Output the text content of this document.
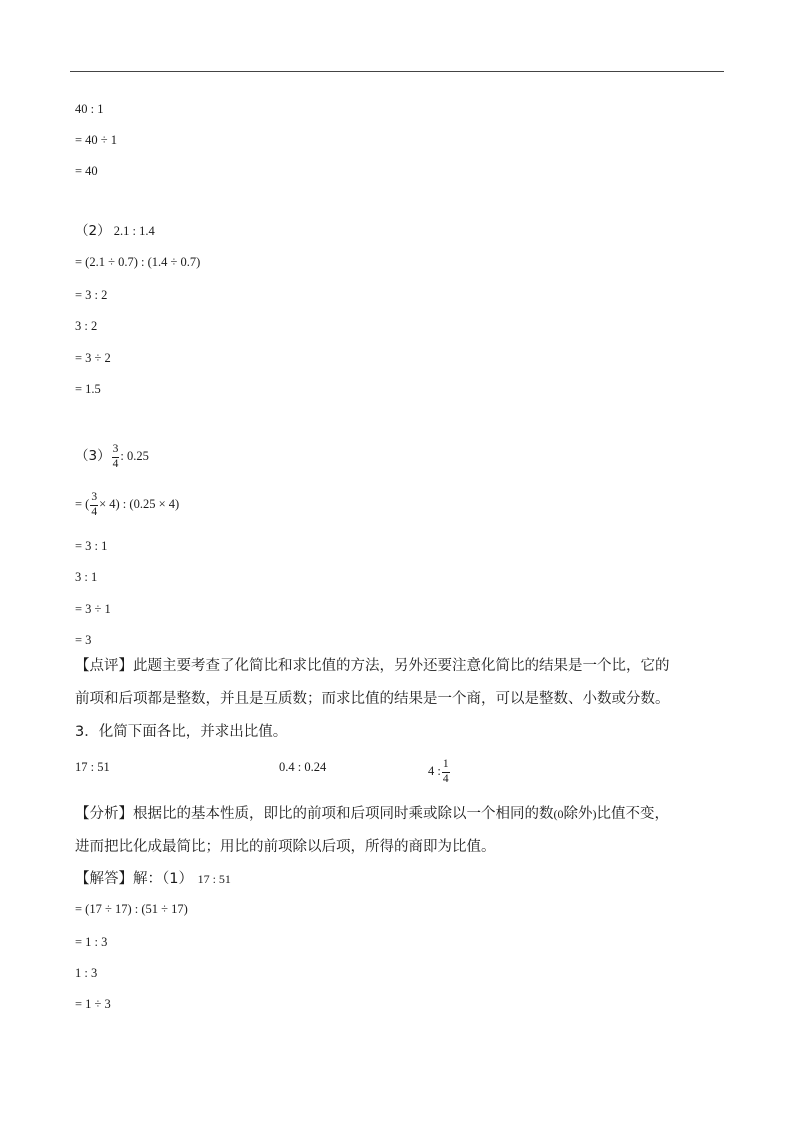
40 : 1
= 40 ÷ 1
= 40
（2） 2.1 : 1.4
= (2.1 ÷ 0.7) : (1.4 ÷ 0.7)
= 3 : 2
3 : 2
= 3 ÷ 2
= 1.5
$(3) \frac{3}{4}$ : 0.25
= ( $\frac{3}{4} \times 4$) : (0.25 × 4)
= 3 : 1
3 : 1
= 3 ÷ 1
= 3
【点评】此题主要考查了化简比和求比值的方法，另外还要注意化简比的结果是一个比，它的
前项和后项都是整数，并且是互质数；而求比值的结果是一个商，可以是整数、小数或分数。
3．化简下面各比，并求出比值。
17 : 51	0.4 : 0.24	4 : $\frac{1}{4}$
【分析】根据比的基本性质，即比的前项和后项同时乘或除以一个相同的数(0除外)比值不变，
进而把比化成最简比；用比的前项除以后项，所得的商即为比值。
【解答】解：（1） 17 : 51
= (17 ÷ 17) : (51 ÷ 17)
= 1 : 3
1 : 3
= 1 ÷ 3
